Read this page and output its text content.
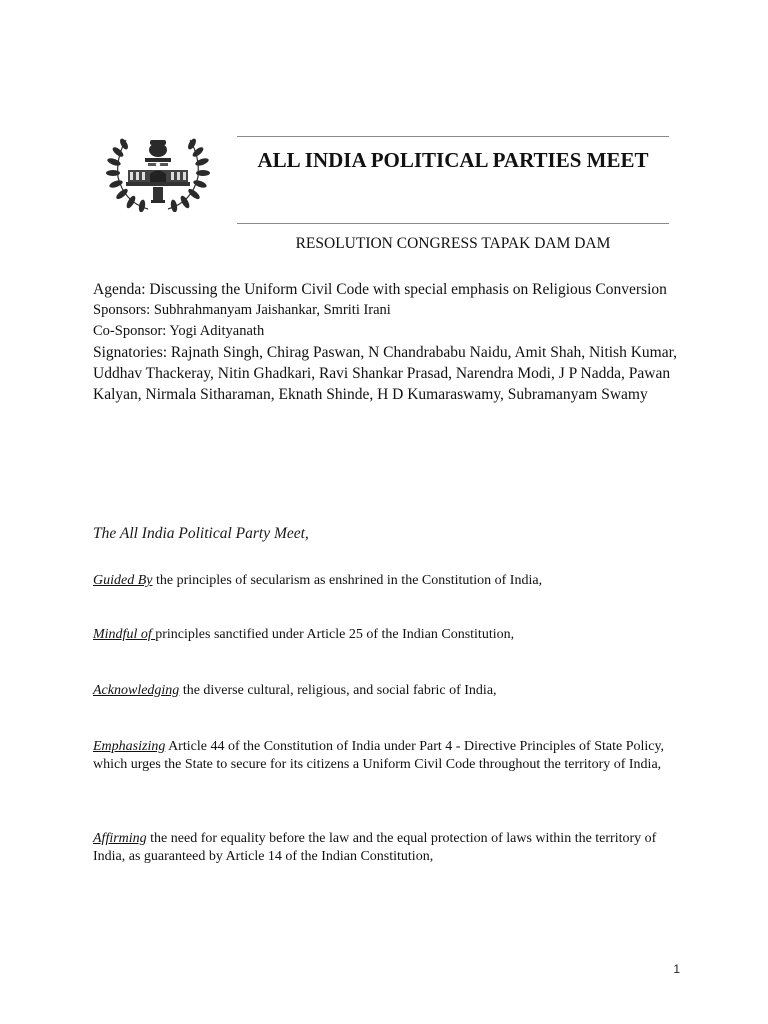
ALL INDIA POLITICAL PARTIES MEET
RESOLUTION CONGRESS TAPAK DAM DAM
Agenda: Discussing the Uniform Civil Code with special emphasis on Religious Conversion
Sponsors: Subhrahmanyam Jaishankar, Smriti Irani
Co-Sponsor: Yogi Adityanath
Signatories: Rajnath Singh, Chirag Paswan, N Chandrababu Naidu, Amit Shah, Nitish Kumar, Uddhav Thackeray, Nitin Ghadkari, Ravi Shankar Prasad, Narendra Modi, J P Nadda, Pawan Kalyan, Nirmala Sitharaman, Eknath Shinde, H D Kumaraswamy, Subramanyam Swamy
The All India Political Party Meet,
Guided By the principles of secularism as enshrined in the Constitution of India,
Mindful of principles sanctified under Article 25 of the Indian Constitution,
Acknowledging the diverse cultural, religious, and social fabric of India,
Emphasizing Article 44 of the Constitution of India under Part 4 - Directive Principles of State Policy, which urges the State to secure for its citizens a Uniform Civil Code throughout the territory of India,
Affirming the need for equality before the law and the equal protection of laws within the territory of India, as guaranteed by Article 14 of the Indian Constitution,
1
